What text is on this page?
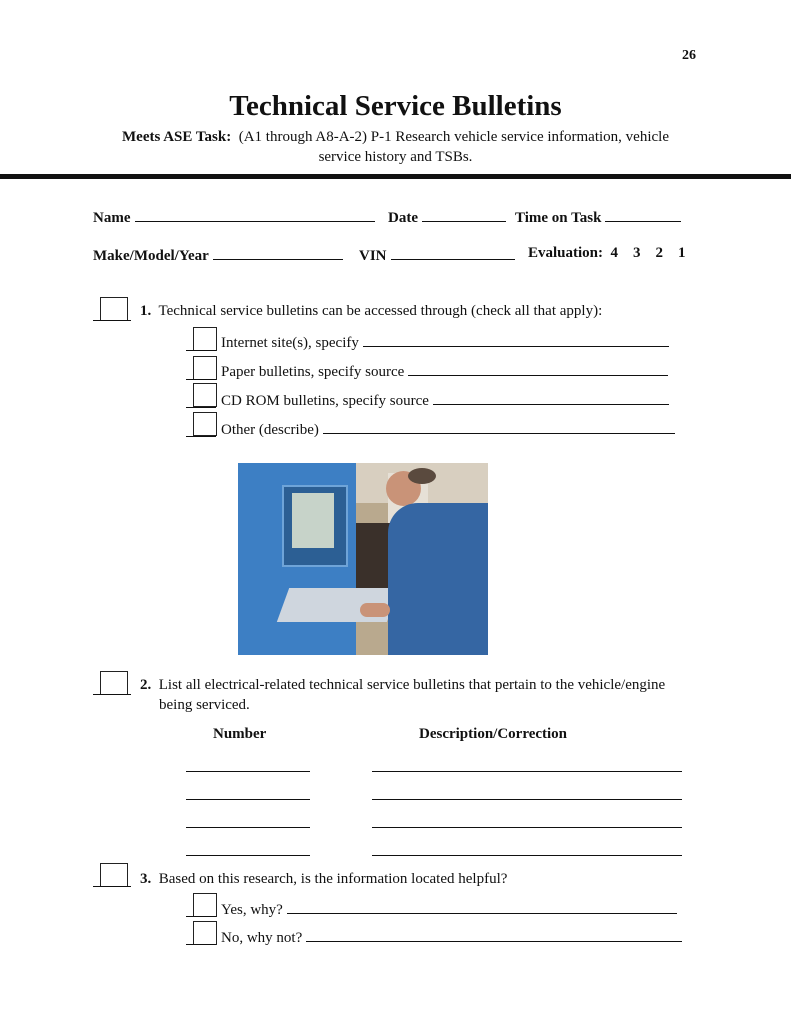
26
Technical Service Bulletins
Meets ASE Task: (A1 through A8-A-2) P-1 Research vehicle service information, vehicle
service history and TSBs.
Name	Date	Time on Task
Make/Model/Year	VIN	Evaluation: 4    3    2    1
1. Technical service bulletins can be accessed through (check all that apply):
Internet site(s), specify
Paper bulletins, specify source
CD ROM bulletins, specify source
Other (describe)
2. List all electrical-related technical service bulletins that pertain to the vehicle/engine
being serviced.
Number	Description/Correction
3. Based on this research, is the information located helpful?
Yes, why?
No, why not?
